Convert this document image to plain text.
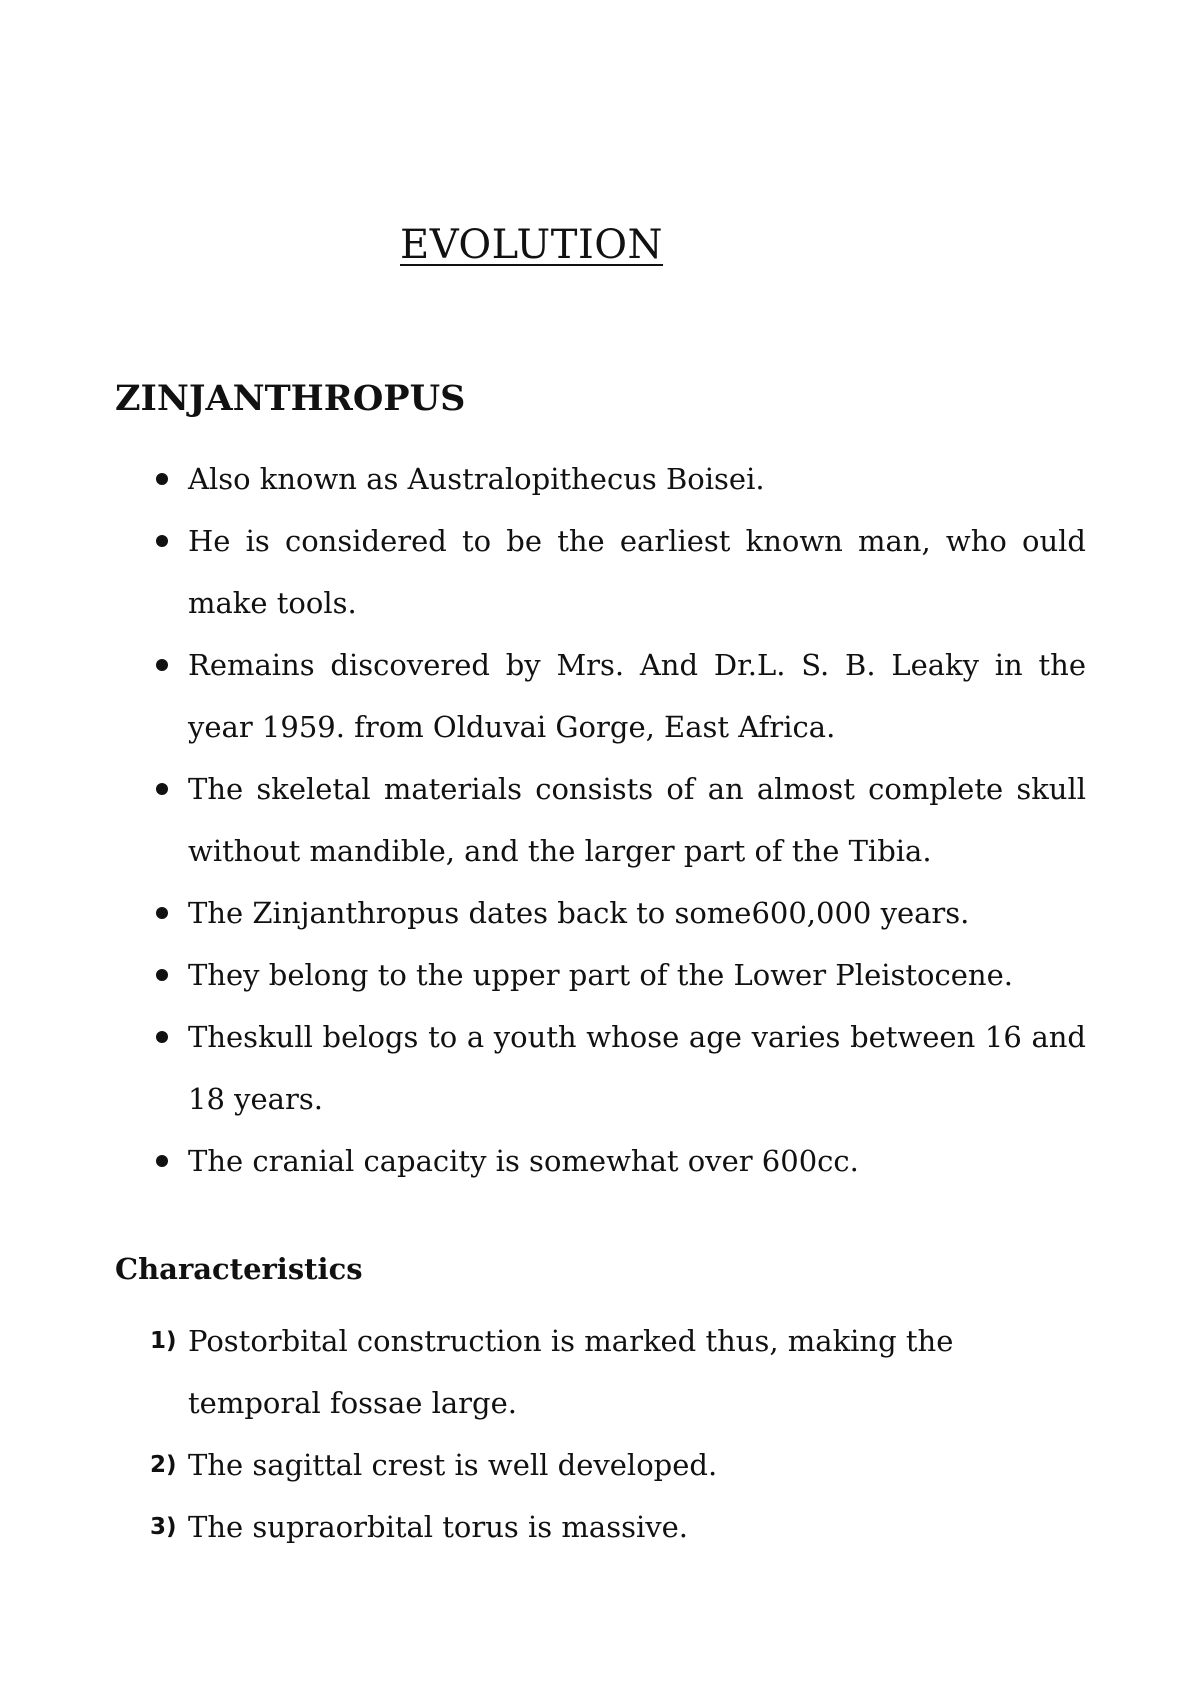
EVOLUTION
ZINJANTHROPUS
Also known as Australopithecus Boisei.
He is considered to be the earliest known man, who ould make tools.
Remains discovered by Mrs. And Dr.L. S. B. Leaky in the year 1959. from Olduvai Gorge, East Africa.
The skeletal materials consists of an almost complete skull without mandible, and the larger part of the Tibia.
The Zinjanthropus dates back to some600,000 years.
They belong to the upper part of the Lower Pleistocene.
Theskull belogs to a youth whose age varies between 16 and 18 years.
The cranial capacity is somewhat over 600cc.
Characteristics
1) Postorbital construction is marked thus, making the temporal fossae large.
2) The sagittal crest is well developed.
3) The supraorbital torus is massive.
